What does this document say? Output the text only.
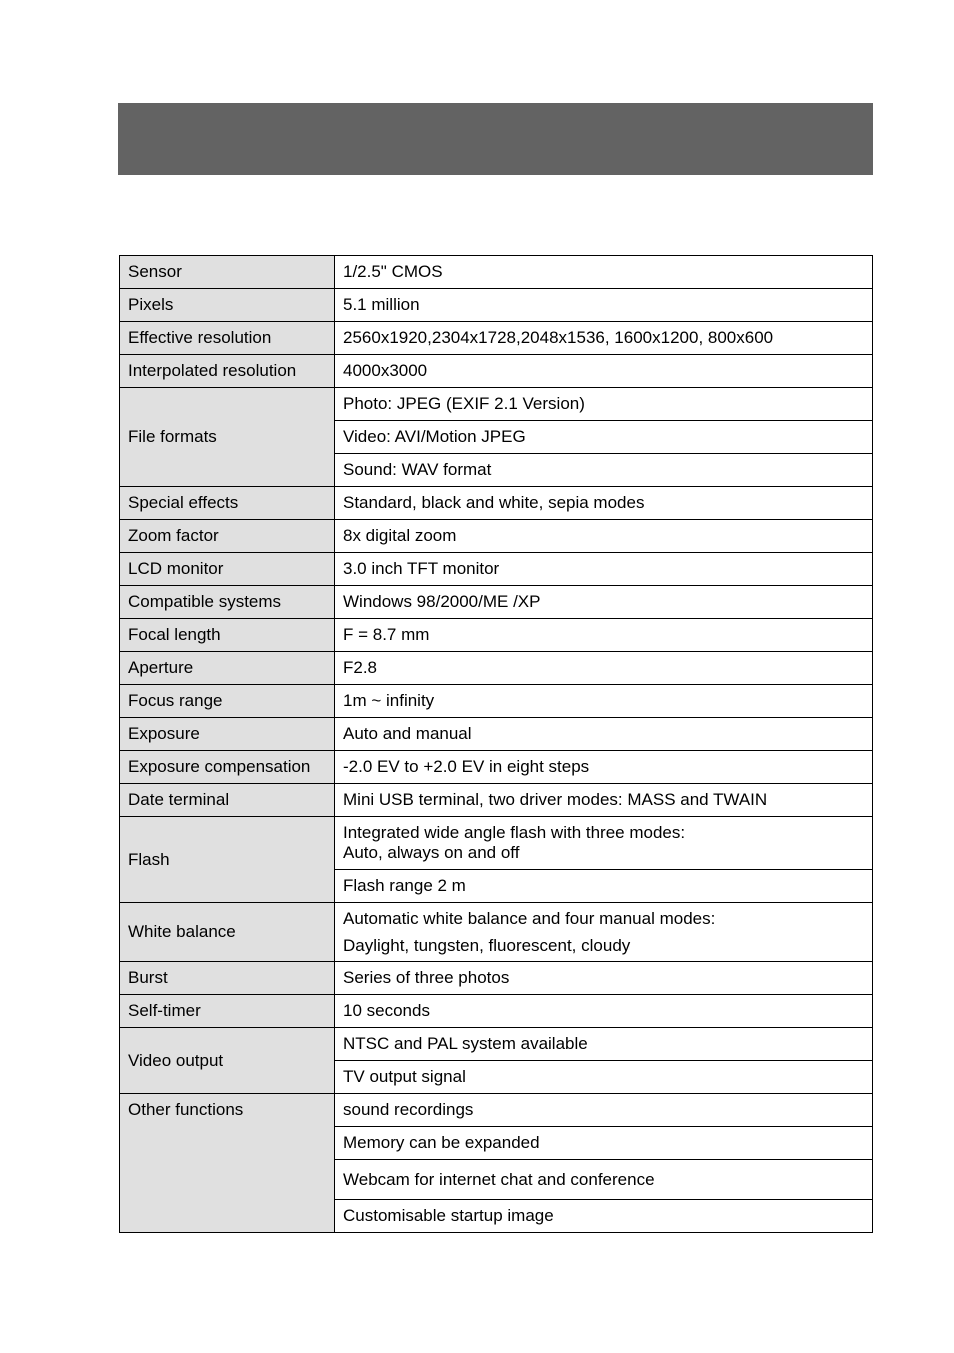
Sensor	1/2.5" CMOS
Pixels	5.1 million
Effective resolution	2560x1920,2304x1728,2048x1536, 1600x1200, 800x600
Interpolated resolution	4000x3000
File formats	Photo: JPEG (EXIF 2.1 Version)
	Video: AVI/Motion JPEG
	Sound: WAV format
Special effects	Standard, black and white, sepia modes
Zoom factor	8x digital zoom
LCD monitor	3.0 inch TFT monitor
Compatible systems	Windows 98/2000/ME /XP
Focal length	F = 8.7 mm
Aperture	F2.8
Focus range	1m ~ infinity
Exposure	Auto and manual
Exposure compensation	-2.0 EV to +2.0 EV in eight steps
Date terminal	Mini USB terminal, two driver modes: MASS and TWAIN
Flash	Integrated wide angle flash with three modes:
Auto, always on and off

	Flash range 2 m
White balance	Automatic white balance and four manual modes:
Daylight, tungsten, fluorescent, cloudy

Burst	Series of three photos
Self-timer	10 seconds
Video output	NTSC and PAL system available
	TV output signal
Other functions	sound recordings
	Memory can be expanded
	Webcam for internet chat and conference
	Customisable startup image
